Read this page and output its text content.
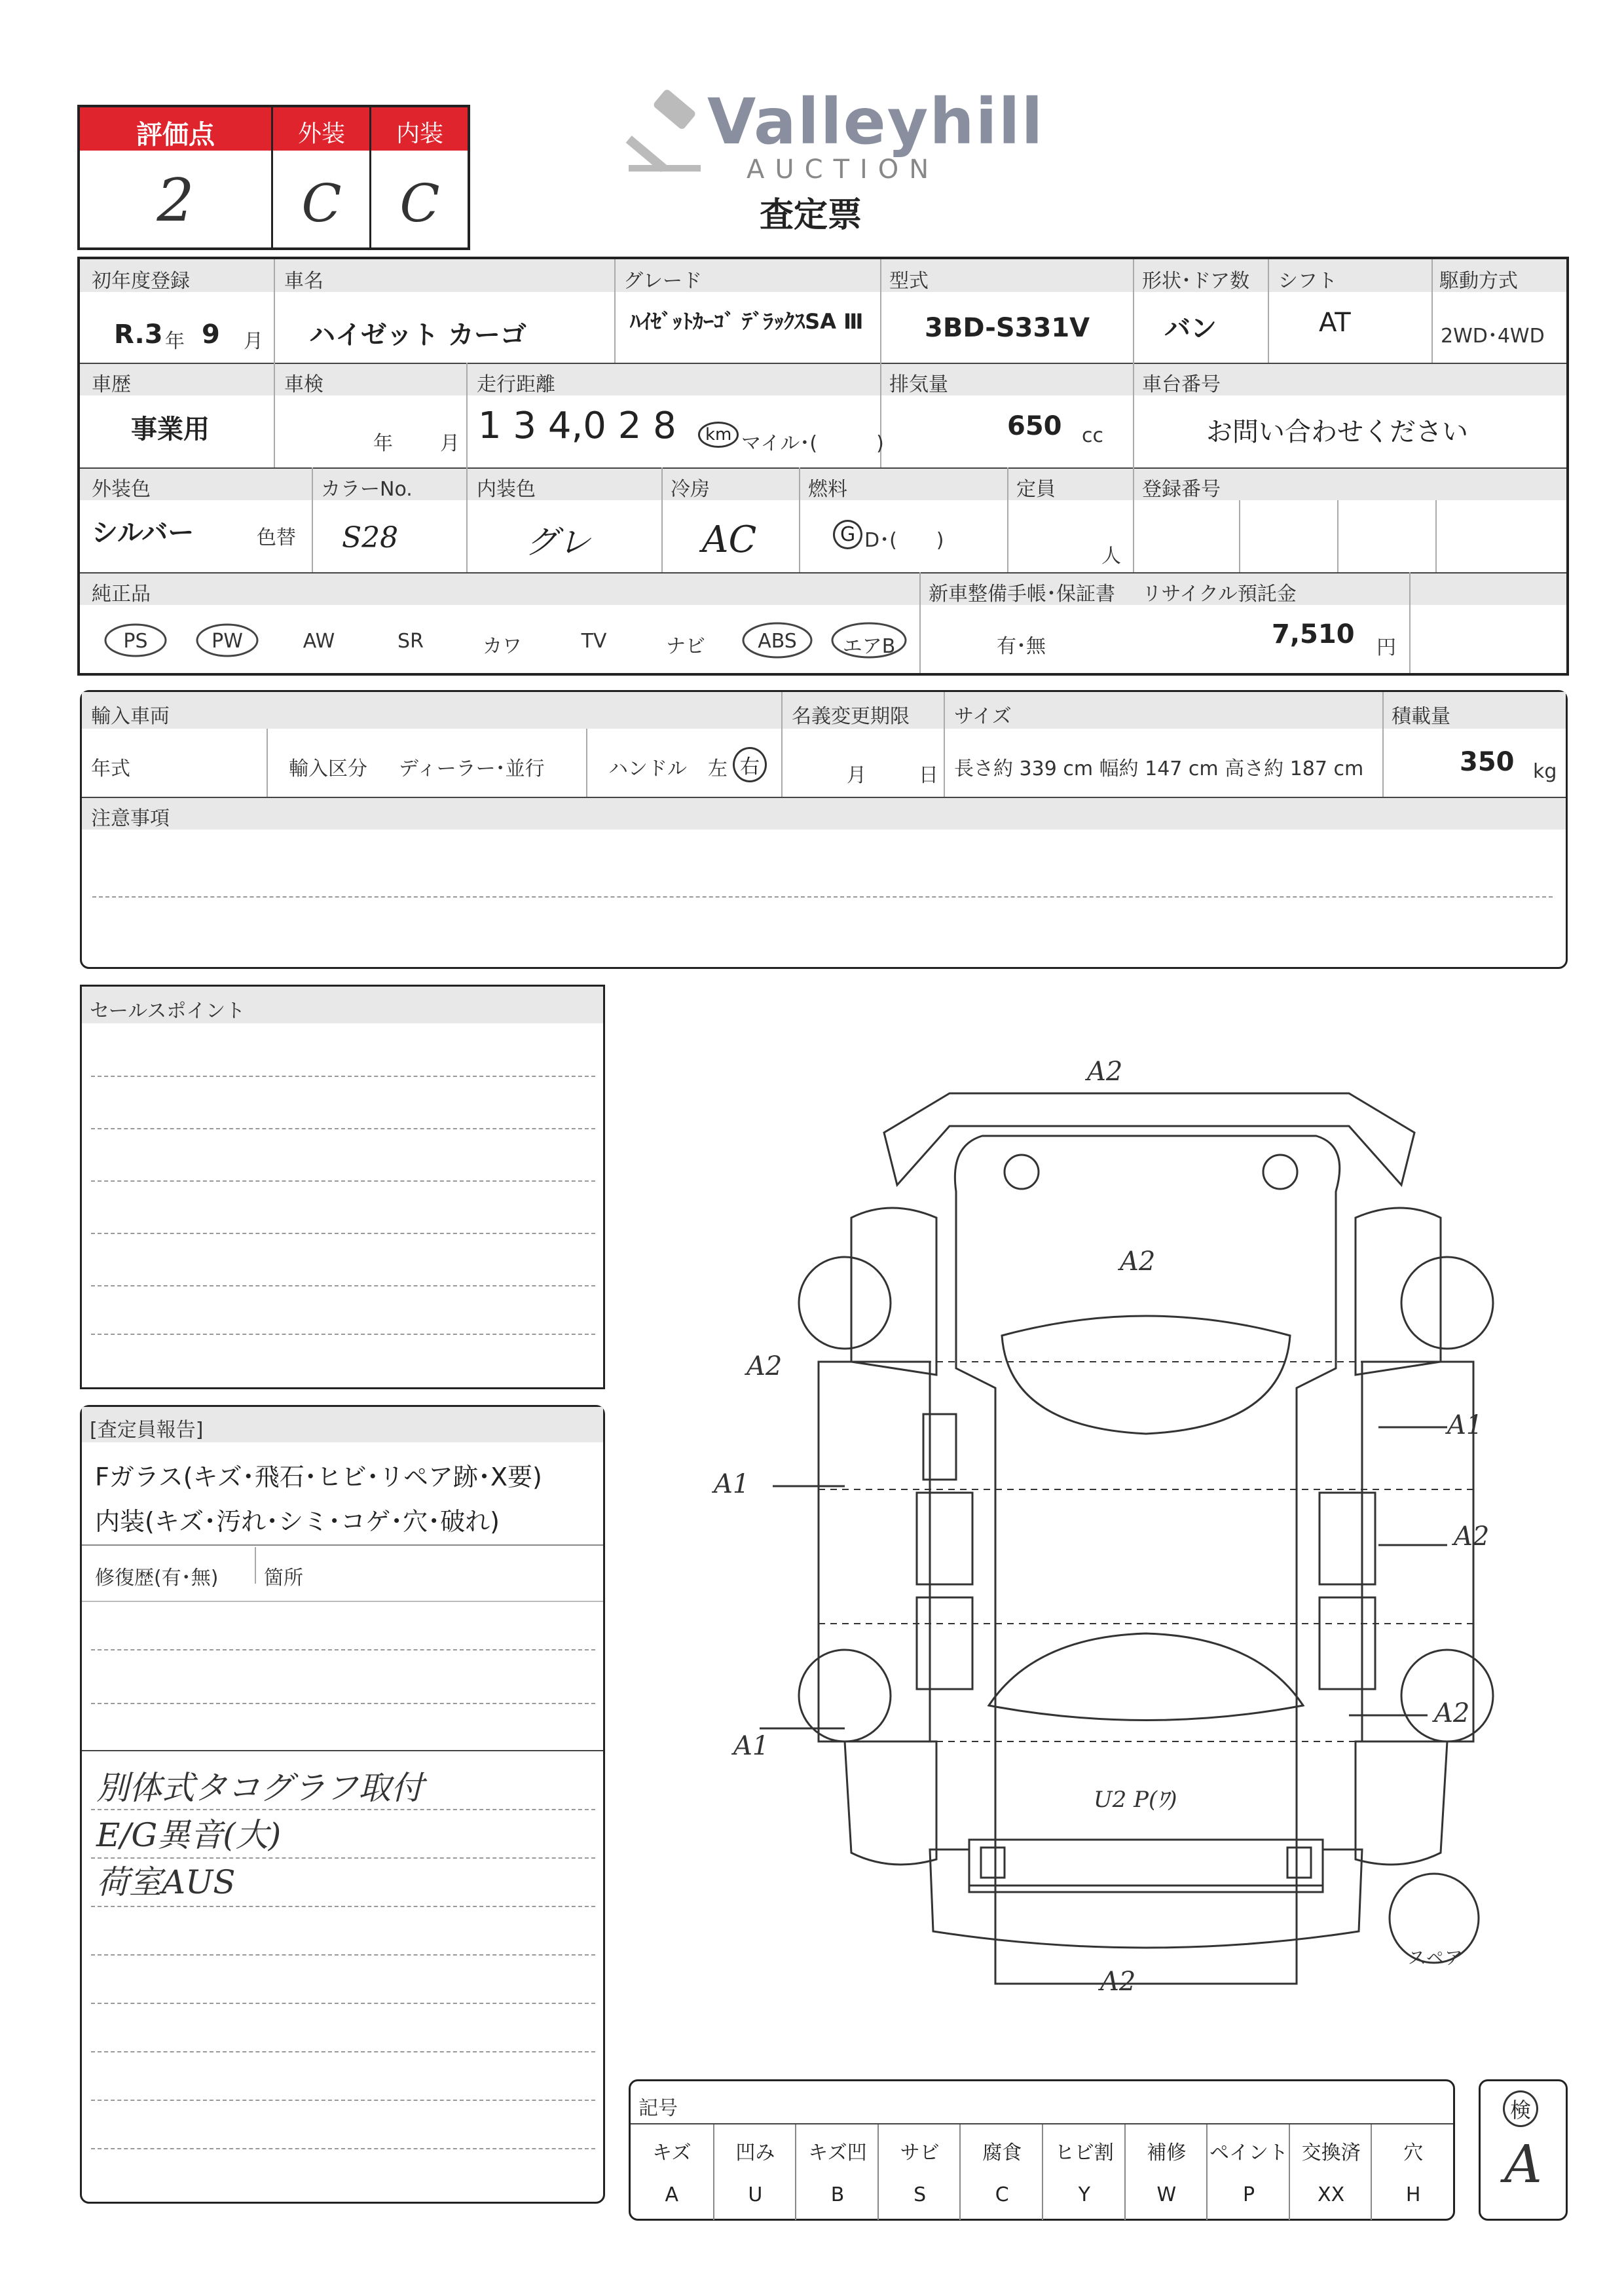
評価点	外装	内装
2	C	C
Valleyhill
AUCTION
査定票
初年度登録
R.3 年 9 月
車名
ハイゼット カーゴ
グレード
ﾊｲｾﾞｯﾄｶｰｺﾞ ﾃﾞﾗｯｸｽSA Ⅲ
型式
3BD-S331V
形状･ドア数
バン
シフト
AT
駆動方式
2WD･4WD
車歴
事業用
車検
年 月
走行距離
1 3 4,0 2 8	km マイル･(　　　)
排気量
650 cc
車台番号
お問い合わせください
外装色
シルバー	色替
カラーNo.
S28
内装色
グレ
冷房
AC
燃料
G D･(　　)
定員
人
登録番号
純正品
PS	PW	AW	SR	カワ	TV	ナビ	ABS	エアB
新車整備手帳･保証書
有･無
リサイクル預託金
7,510 円
輸入車両
年式	輸入区分 ディーラー･並行	ハンドル 左 右
名義変更期限
月	日
サイズ
長さ約 339 cm 幅約 147 cm 高さ約 187 cm
積載量
350 kg
注意事項
セールスポイント
[査定員報告]
Fガラス(キズ･飛石･ヒビ･リペア跡･X要)
内装(キズ･汚れ･シミ･コゲ･穴･破れ)
修復歴(有･無) 箇所
別体式タコグラフ取付
E/G異音(大)
荷室AUS
A2
A2
A2
A1
A1
A2
A2
A1
A2
U2 P(ﾜ)
スペア
記号
キズ
A
凹み
U
キズ凹
B
サビ
S
腐食
C
ヒビ割
Y
補修
W
ペイント
P
交換済
XX
穴
H
検
A
